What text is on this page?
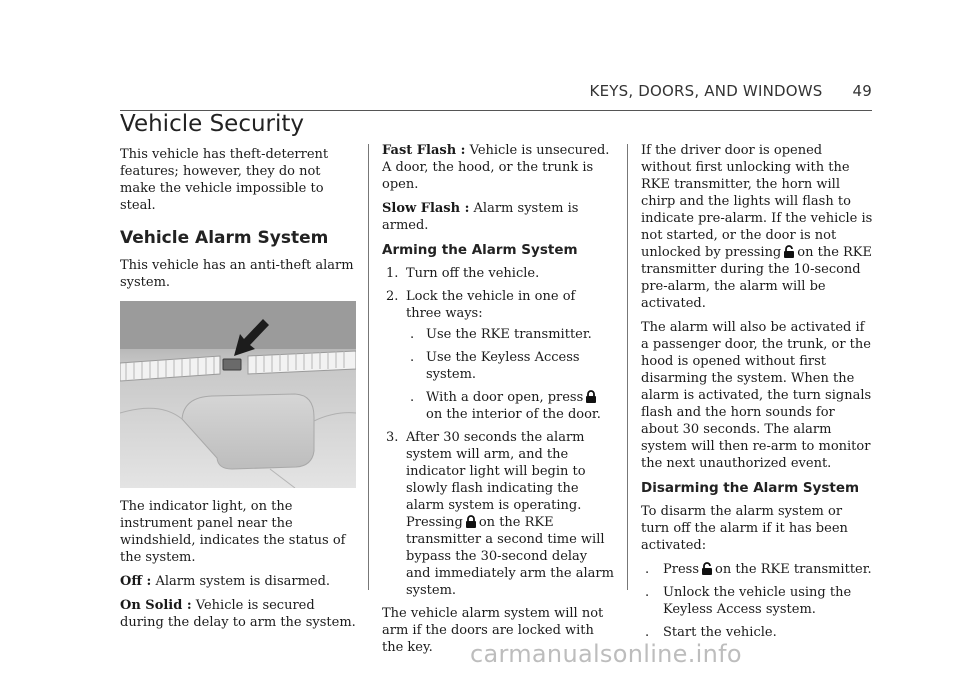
KEYS, DOORS, AND WINDOWS 49
Vehicle Security

This vehicle has theft-deterrent features; however, they do not make the vehicle impossible to steal.

Vehicle Alarm System

This vehicle has an anti-theft alarm system.

The indicator light, on the instrument panel near the windshield, indicates the status of the system.

Off : Alarm system is disarmed.

On Solid : Vehicle is secured during the delay to arm the system.

Fast Flash : Vehicle is unsecured. A door, the hood, or the trunk is open.

Slow Flash : Alarm system is armed.

Arming the Alarm System
1. Turn off the vehicle.
2. Lock the vehicle in one of three ways:
. Use the RKE transmitter.
. Use the Keyless Access system.
. With a door open, presson the interior of the door.
3. After 30 seconds the alarm system will arm, and the indicator light will begin to slowly flash indicating the alarm system is operating. Pressing on the RKE transmitter a second time will bypass the 30-second delay and immediately arm the alarm system.

The vehicle alarm system will not arm if the doors are locked with the key.

If the driver door is opened without first unlocking with the RKE transmitter, the horn will chirp and the lights will flash to indicate pre-alarm. If the vehicle is not started, or the door is not unlocked by pressing on the RKE transmitter during the 10-second pre-alarm, the alarm will be activated.

The alarm will also be activated if a passenger door, the trunk, or the hood is opened without first disarming the system. When the alarm is activated, the turn signals flash and the horn sounds for about 30 seconds. The alarm system will then re-arm to monitor the next unauthorized event.

Disarming the Alarm System

To disarm the alarm system or turn off the alarm if it has been activated:

. Press on the RKE transmitter.
. Unlock the vehicle using the Keyless Access system.
. Start the vehicle.
carmanualsonline.info
